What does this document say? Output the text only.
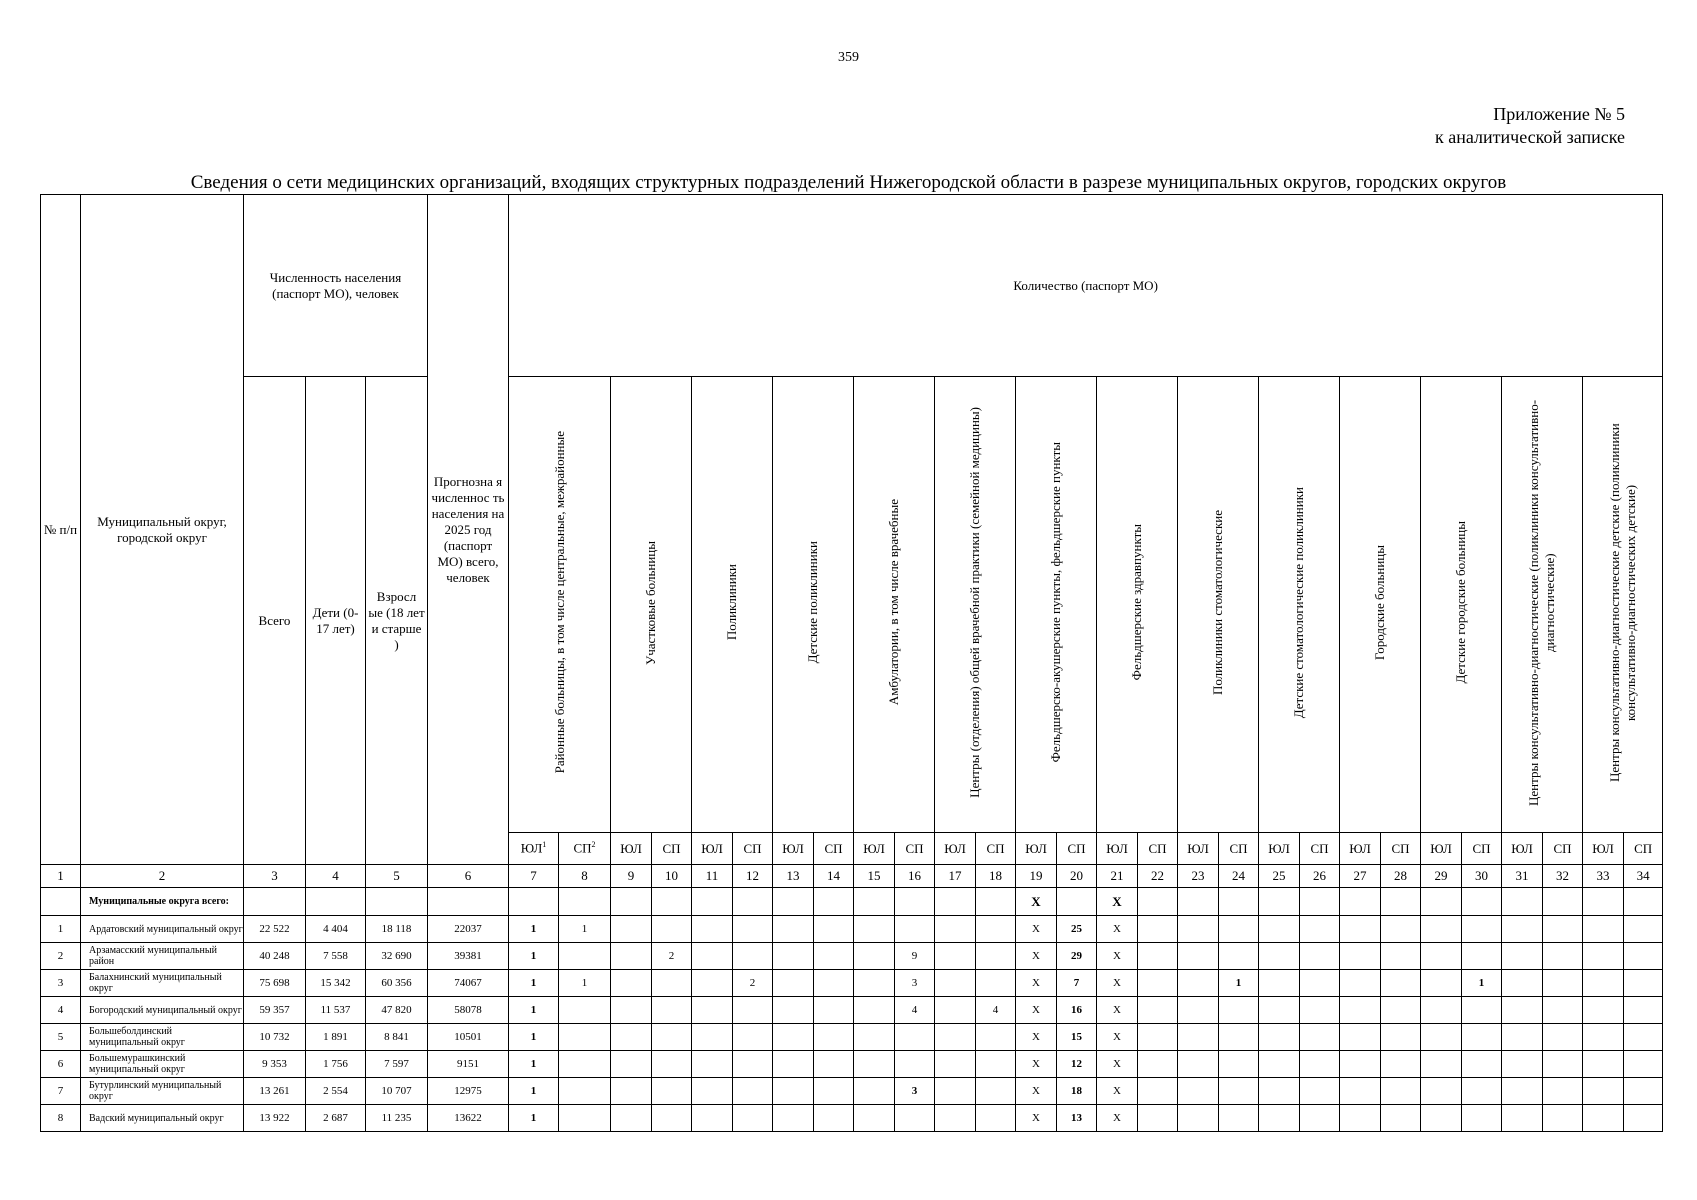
359
Приложение № 5
к аналитической записке
Сведения о сети медицинских организаций, входящих структурных подразделений Нижегородской области в разрезе муниципальных округов, городских округов
№ п/п	Муниципальный округ, городской округ	Численность населения (паспорт МО), человек			Прогнозна я численнос ть населения на 2025 год (паспорт МО) всего, человек	Количество (паспорт МО)																											

		Всего	Дети (0-17 лет)	Взросл ые (18 лет и старше )		Районные больницы, в том числе центральные, межрайонные		Участковые больницы		Поликлиники		Детские поликлиники		Амбулатории, в том числе врачебные		Центры (отделения) общей врачебной практики (семейной медицины)		Фельдшерско-акушерские пункты, фельдшерские пункты		Фельдшерские здравпункты		Поликлиники стоматологические		Детские стоматологические поликлиники		Городские больницы		Детские городские больницы		Центры консультативно-диагностические (поликлиники консультативно-диагностические)		Центры консультативно-диагностические детские (поликлиники консультативно-диагностических детские)	
						$ЮЛ^1$	$СП^2$	ЮЛ	СП	ЮЛ	СП	ЮЛ	СП	ЮЛ	СП	ЮЛ	СП	ЮЛ	СП	ЮЛ	СП	ЮЛ	СП	ЮЛ	СП	ЮЛ	СП	ЮЛ	СП	ЮЛ	СП	ЮЛ	СП
1	2	3	4	5	6	7	8	9	10	11	12	13	14	15	16	17	18	19	20	21	22	23	24	25	26	27	28	29	30	31	32	33	34
	Муниципальные округа всего:																	X		X													
1	Ардатовский муниципальный округ	22 522	4 404	18 118	22037	1	1											X	25	X													
2	Арзамасский муниципальный район	40 248	7 558	32 690	39381	1			2						9			X	29	X													
3	Балахнинский муниципальный округ	75 698	15 342	60 356	74067	1	1				2				3			X	7	X			1						1				
4	Богородский муниципальный округ	59 357	11 537	47 820	58078	1									4		4	X	16	X													
5	Большеболдинский муниципальный округ	10 732	1 891	8 841	10501	1												X	15	X													
6	Большемурашкинский муниципальный округ	9 353	1 756	7 597	9151	1												X	12	X													
7	Бутурлинский муниципальный округ	13 261	2 554	10 707	12975	1									3			X	18	X													
8	Вадский муниципальный округ	13 922	2 687	11 235	13622	1												X	13	X													
